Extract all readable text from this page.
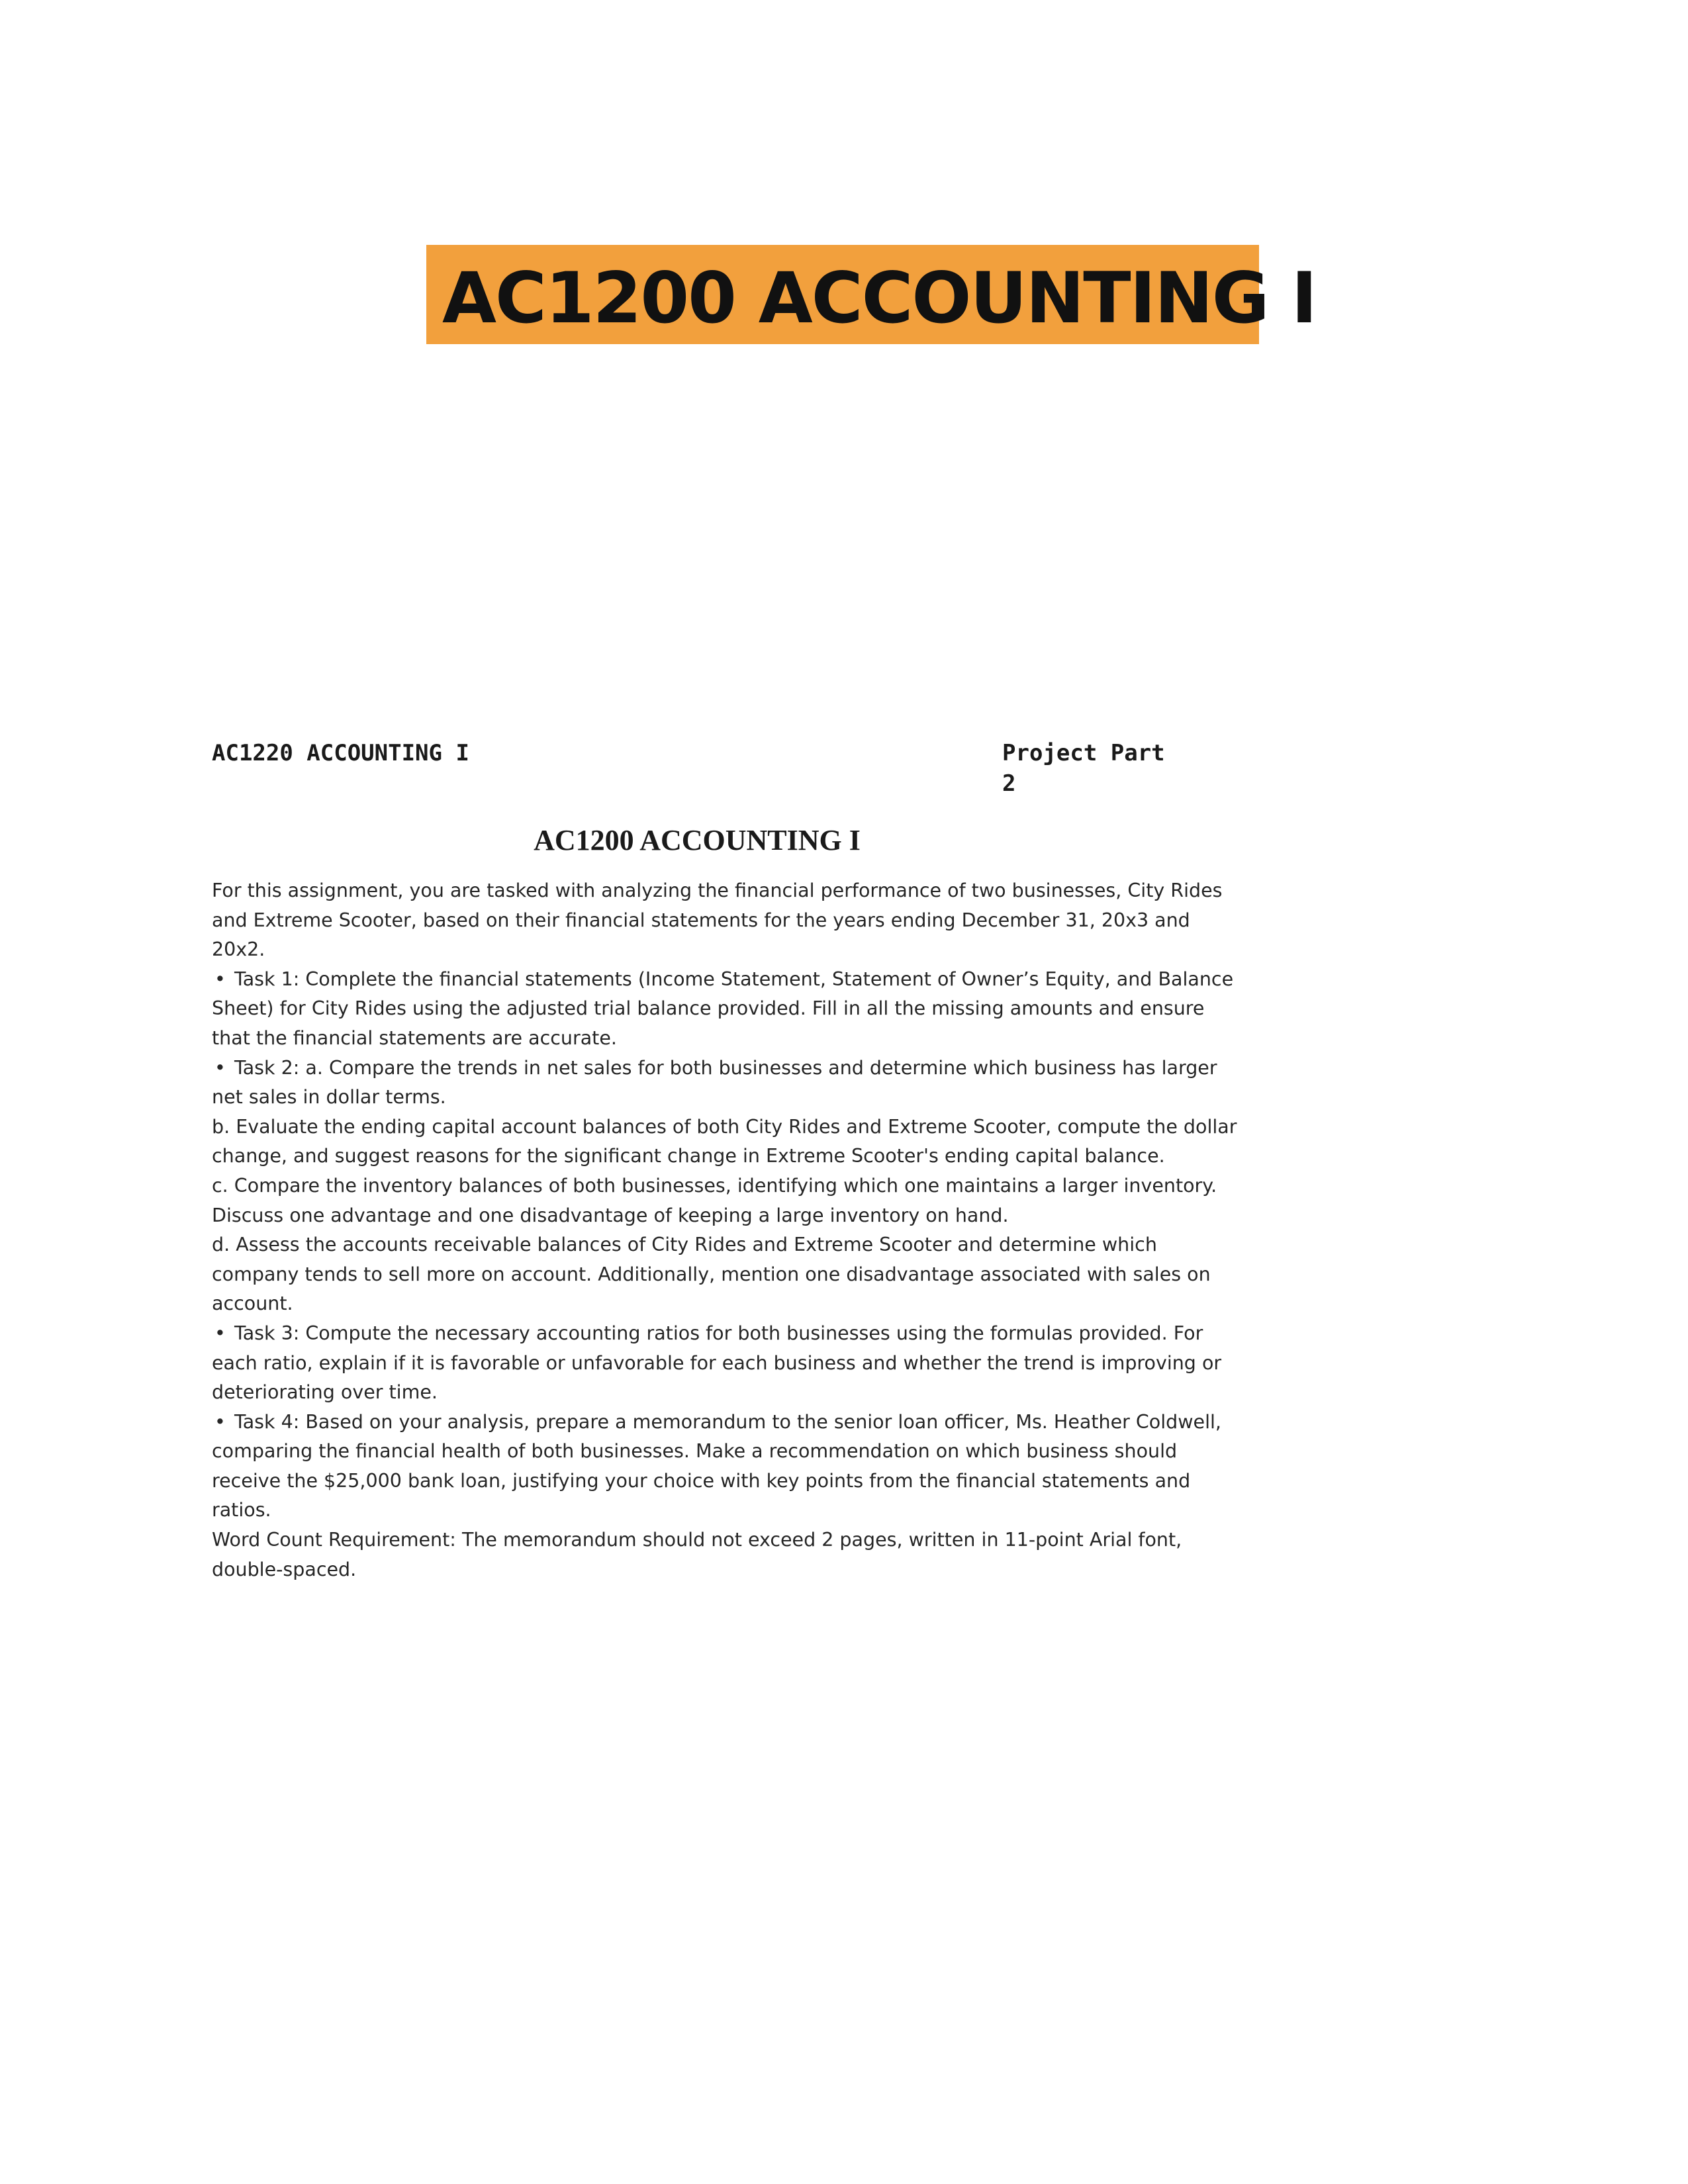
AC1200 ACCOUNTING I
AC1220 ACCOUNTING I	Project Part 2
AC1200 ACCOUNTING I

For this assignment, you are tasked with analyzing the financial performance of two businesses, City Rides and Extreme Scooter, based on their financial statements for the years ending December 31, 20x3 and 20x2.

• Task 1: Complete the financial statements (Income Statement, Statement of Owner’s Equity, and Balance Sheet) for City Rides using the adjusted trial balance provided. Fill in all the missing amounts and ensure that the financial statements are accurate.

• Task 2: a. Compare the trends in net sales for both businesses and determine which business has larger net sales in dollar terms.

b. Evaluate the ending capital account balances of both City Rides and Extreme Scooter, compute the dollar change, and suggest reasons for the significant change in Extreme Scooter's ending capital balance.

c. Compare the inventory balances of both businesses, identifying which one maintains a larger inventory. Discuss one advantage and one disadvantage of keeping a large inventory on hand.

d. Assess the accounts receivable balances of City Rides and Extreme Scooter and determine which company tends to sell more on account. Additionally, mention one disadvantage associated with sales on account.

• Task 3: Compute the necessary accounting ratios for both businesses using the formulas provided. For each ratio, explain if it is favorable or unfavorable for each business and whether the trend is improving or deteriorating over time.

• Task 4: Based on your analysis, prepare a memorandum to the senior loan officer, Ms. Heather Coldwell, comparing the financial health of both businesses. Make a recommendation on which business should receive the $25,000 bank loan, justifying your choice with key points from the financial statements and ratios.

Word Count Requirement: The memorandum should not exceed 2 pages, written in 11-point Arial font, double-spaced.
